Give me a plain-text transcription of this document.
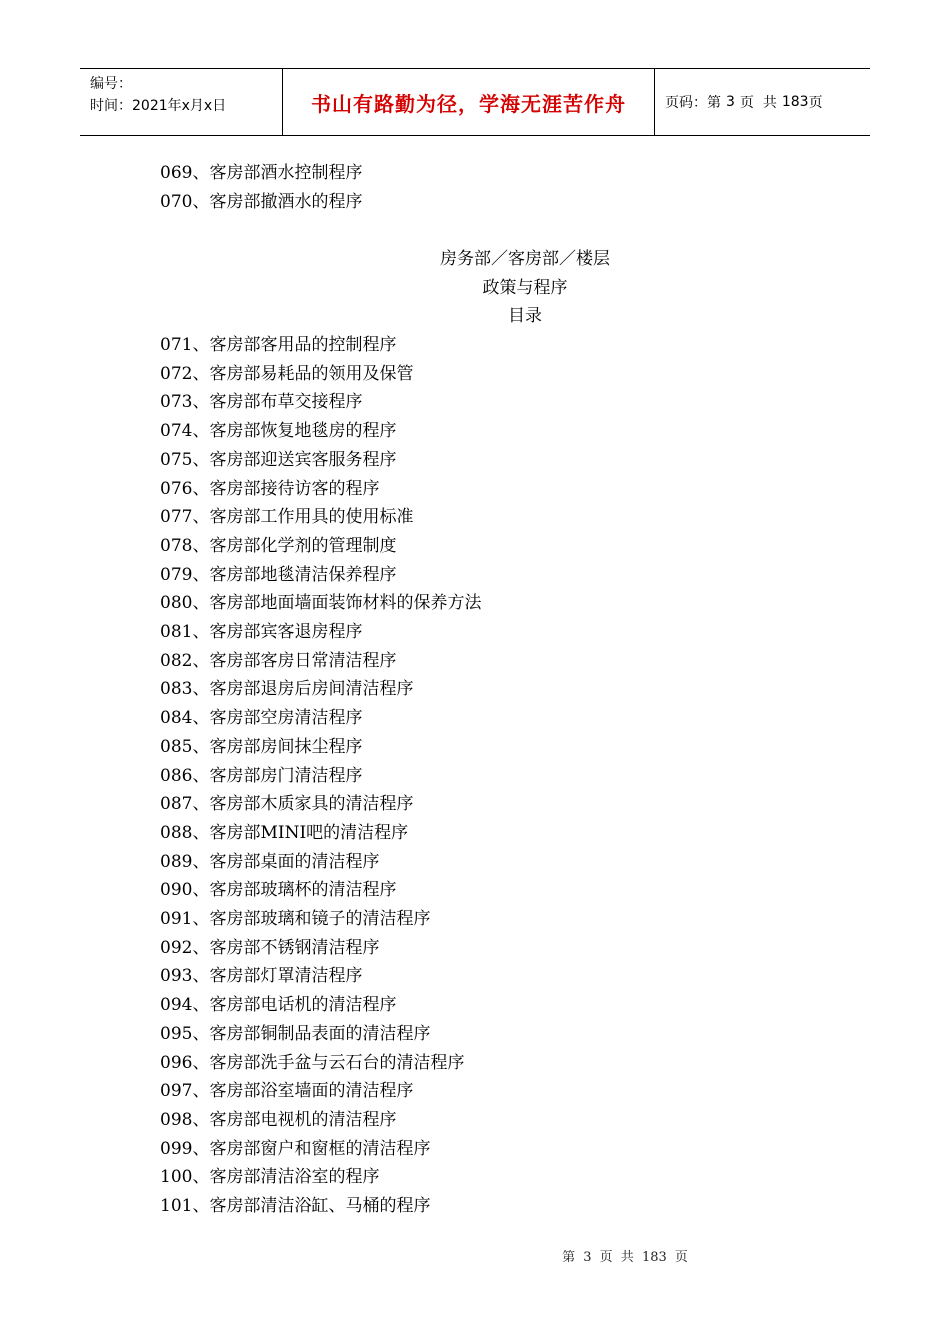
编号：
时间：2021年x月x日	书山有路勤为径，学海无涯苦作舟	页码：第 3 页  共 183 页
069、客房部酒水控制程序
070、客房部撤酒水的程序
房务部／客房部／楼层
政策与程序
目录
071、客房部客用品的控制程序
072、客房部易耗品的领用及保管
073、客房部布草交接程序
074、客房部恢复地毯房的程序
075、客房部迎送宾客服务程序
076、客房部接待访客的程序
077、客房部工作用具的使用标准
078、客房部化学剂的管理制度
079、客房部地毯清洁保养程序
080、客房部地面墙面装饰材料的保养方法
081、客房部宾客退房程序
082、客房部客房日常清洁程序
083、客房部退房后房间清洁程序
084、客房部空房清洁程序
085、客房部房间抹尘程序
086、客房部房门清洁程序
087、客房部木质家具的清洁程序
088、客房部MINI吧的清洁程序
089、客房部桌面的清洁程序
090、客房部玻璃杯的清洁程序
091、客房部玻璃和镜子的清洁程序
092、客房部不锈钢清洁程序
093、客房部灯罩清洁程序
094、客房部电话机的清洁程序
095、客房部铜制品表面的清洁程序
096、客房部洗手盆与云石台的清洁程序
097、客房部浴室墙面的清洁程序
098、客房部电视机的清洁程序
099、客房部窗户和窗框的清洁程序
100、客房部清洁浴室的程序
101、客房部清洁浴缸、马桶的程序
第 3 页 共 183 页
